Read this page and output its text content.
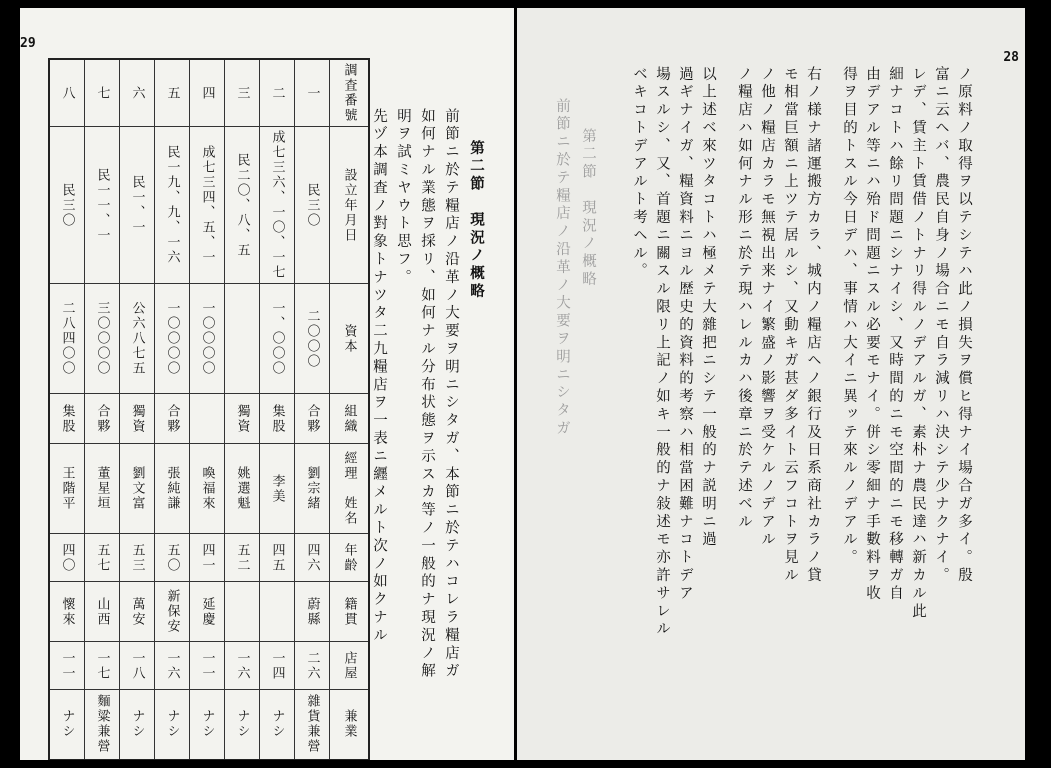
29
第二節　現況ノ概略
前節ニ於テ糧店ノ沿革ノ大要ヲ明ニシタガ、本節ニ於テハコレラ糧店ガ
如何ナル業態ヲ採リ、如何ナル分布状態ヲ示スカ等ノ一般的ナ現況ノ解
明ヲ試ミヤウト思フ。
先ヅ本調査ノ對象トナツタ二九糧店ヲ一表ニ纒メルト次ノ如クナル
八	七	六	五	四	三	二	一	調査番號

民三〇	民一一、一	民一、一	民一九、九、一六	成七三四、五、一	民二〇、八、五	成七三六、一〇、一七	民三〇	設立年月日

二八四〇〇	三〇〇〇〇	公六八七五	一〇〇〇〇	一〇〇〇〇		一、〇〇〇	二〇〇〇	資本

集股	合夥	獨資	合夥		獨資	集股	合夥	組織

王階平	董星垣	劉文富	張純謙	喚福來	姚選魁	李美	劉宗緒	經理　姓名

四〇	五七	五三	五〇	四一	五二	四五	四六	年齡

懷來	山西	萬安	新保安	延慶			蔚縣	籍貫

一一	一七	一八	一六	一一	一六	一四	二六	店屋

ナシ	麵粱兼營	ナシ	ナシ	ナシ	ナシ	ナシ	雜貨兼營	兼業
28
ノ原料ノ取得ヲ以テシテハ此ノ損失ヲ償ヒ得ナイ場合ガ多イ。殷
富ニ云ヘバ、農民自身ノ場合ニモ自ラ減リハ決シテ少ナクナイ。
レデ、賃主ト賃借ノトナリ得ルノデアルガ、素朴ナ農民達ハ新カル此
細ナコトハ餘リ問題ニシナイシ、又時間的ニモ空間的ニモ移轉ガ自
由デアル等ニハ殆ド問題ニスル必要モナイ。併シ零細ナ手數料ヲ收
得ヲ目的トスル今日デハ、事情ハ大イニ異ッテ來ルノデアル。
右ノ様ナ諸運搬方カラ、城内ノ糧店ヘノ銀行及日系商社カラノ貸
モ相當巨額ニ上ツテ居ルシ、又動キガ甚ダ多イト云フコトヲ見ル
ノ他ノ糧店カラモ無視出来ナイ繁盛ノ影響ヲ受ケルノデアル
ノ糧店ハ如何ナル形ニ於テ現ハレルカハ後章ニ於テ述ベル
以上述ベ來ツタコトハ極メテ大雜把ニシテ一般的ナ説明ニ過
過ギナイガ、糧資料ニヨル歴史的資料的考察ハ相當困難ナコトデア
場スルシ、又、首題ニ關スル限リ上記ノ如キ一般的ナ敍述モ亦許サレル
ベキコトデアルト考ヘル。
第二節　現況ノ概略
前節ニ於テ糧店ノ沿革ノ大要ヲ明ニシタガ
